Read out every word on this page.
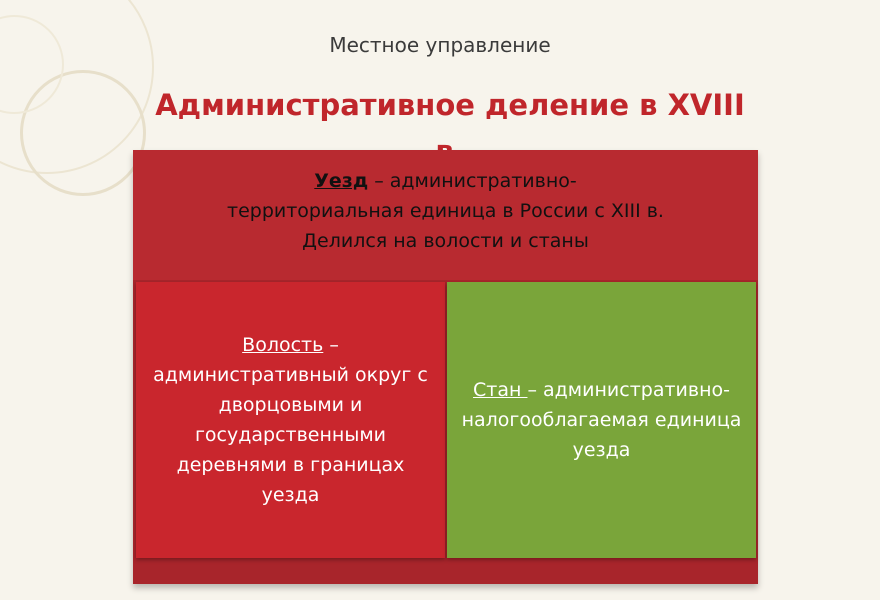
Местное управление
Административное деление в XVIII
Уезд – административно-
территориальная единица в России с XIII в.
Делился на волости и станы
Волость – административный округ с дворцовыми и государственными деревнями в границах уезда
Стан – административно-налогооблагаемая единица уезда
